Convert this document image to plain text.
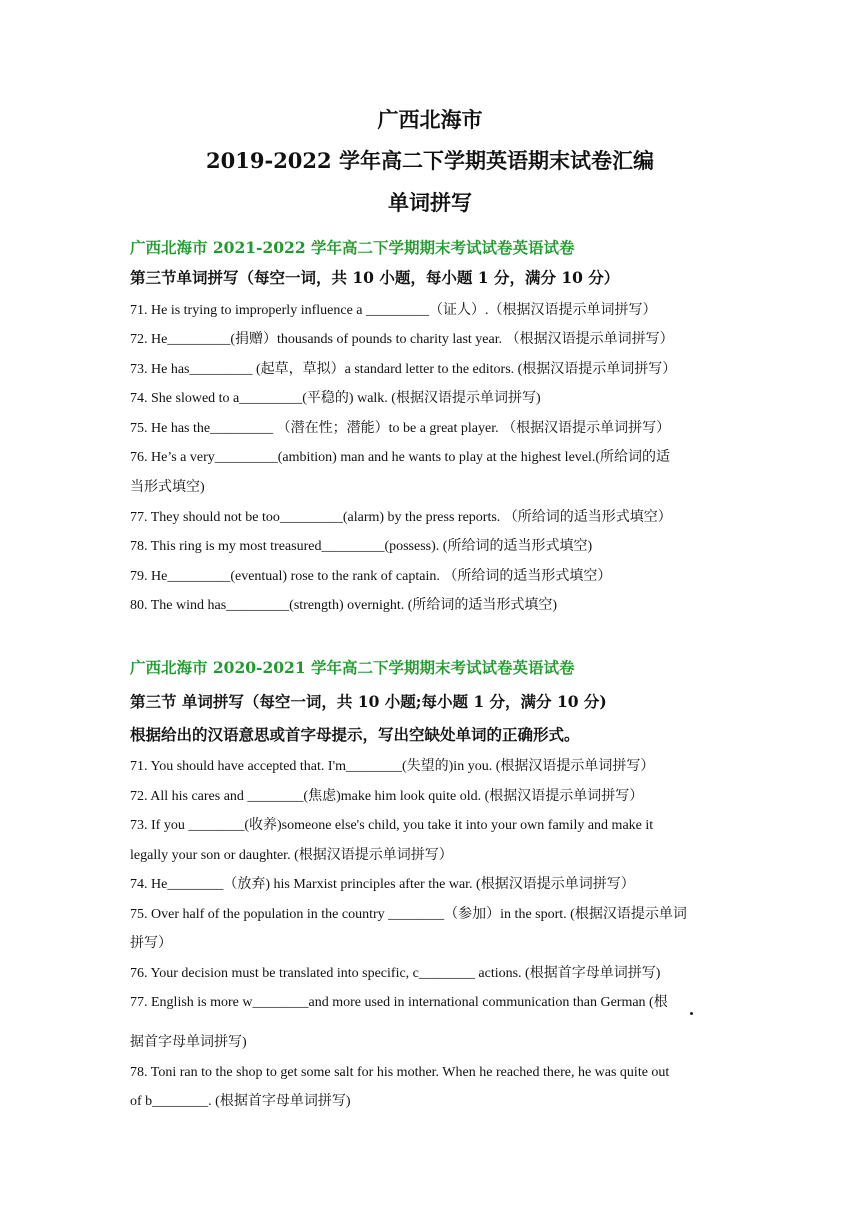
广西北海市
2019-2022 学年高二下学期英语期末试卷汇编
单词拼写
广西北海市 2021-2022 学年高二下学期期末考试试卷英语试卷
第三节单词拼写（每空一词，共 10 小题，每小题 1 分，满分 10 分）
71. He is trying to improperly influence a _________（证人）.（根据汉语提示单词拼写）
72. He_________(捐赠）thousands of pounds to charity last year. （根据汉语提示单词拼写）
73. He has_________ (起草，草拟）a standard letter to the editors. (根据汉语提示单词拼写）
74. She slowed to a_________(平稳的) walk. (根据汉语提示单词拼写)
75. He has the_________ （潜在性；潜能）to be a great player. （根据汉语提示单词拼写）
76. He’s a very_________(ambition) man and he wants to play at the highest level.(所给词的适
当形式填空)
77. They should not be too_________(alarm) by the press reports. （所给词的适当形式填空）
78. This ring is my most treasured_________(possess). (所给词的适当形式填空)
79. He_________(eventual) rose to the rank of captain. （所给词的适当形式填空）
80. The wind has_________(strength) overnight. (所给词的适当形式填空)
广西北海市 2020-2021 学年高二下学期期末考试试卷英语试卷
第三节 单词拼写（每空一词，共 10 小题;每小题 1 分，满分 10 分)
根据给出的汉语意思或首字母提示，写出空缺处单词的正确形式。
71. You should have accepted that. I'm________(失望的)in you. (根据汉语提示单词拼写）
72. All his cares and ________(焦虑)make him look quite old. (根据汉语提示单词拼写）
73. If you ________(收养)someone else's child, you take it into your own family and make it
legally your son or daughter. (根据汉语提示单词拼写）
74. He________（放弃) his Marxist principles after the war. (根据汉语提示单词拼写）
75. Over half of the population in the country ________（参加）in the sport. (根据汉语提示单词
拼写）
76. Your decision must be translated into specific, c________ actions. (根据首字母单词拼写)
77. English is more w________and more used in international communication than German (根
据首字母单词拼写)
78. Toni ran to the shop to get some salt for his mother. When he reached there, he was quite out
of b________. (根据首字母单词拼写)
